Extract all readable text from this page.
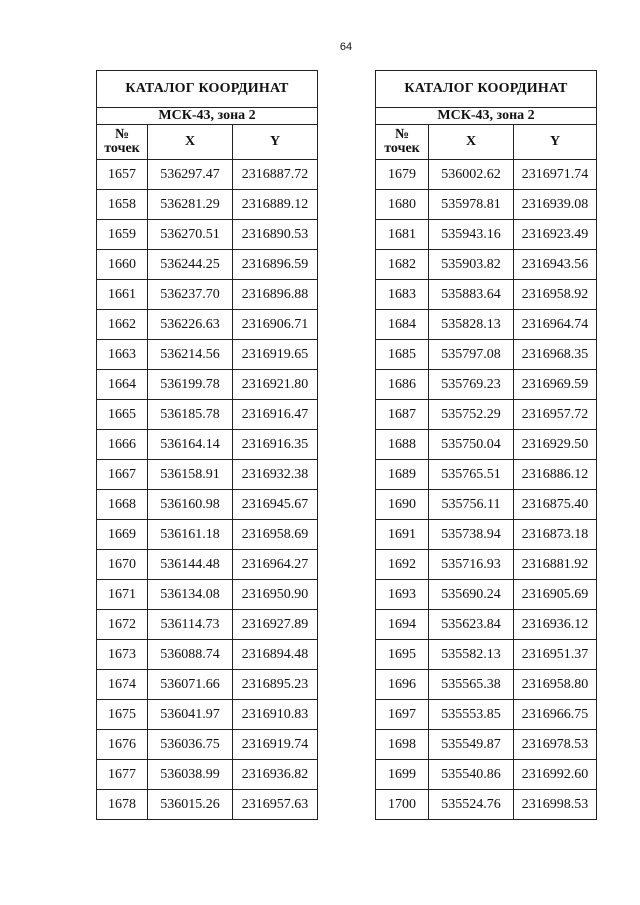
64
КАТАЛОГ КООРДИНАТ		
МСК-43, зона 2		
№
точек	X	Y
1657	536297.47	2316887.72
1658	536281.29	2316889.12
1659	536270.51	2316890.53
1660	536244.25	2316896.59
1661	536237.70	2316896.88
1662	536226.63	2316906.71
1663	536214.56	2316919.65
1664	536199.78	2316921.80
1665	536185.78	2316916.47
1666	536164.14	2316916.35
1667	536158.91	2316932.38
1668	536160.98	2316945.67
1669	536161.18	2316958.69
1670	536144.48	2316964.27
1671	536134.08	2316950.90
1672	536114.73	2316927.89
1673	536088.74	2316894.48
1674	536071.66	2316895.23
1675	536041.97	2316910.83
1676	536036.75	2316919.74
1677	536038.99	2316936.82
1678	536015.26	2316957.63
КАТАЛОГ КООРДИНАТ		
МСК-43, зона 2		
№
точек	X	Y
1679	536002.62	2316971.74
1680	535978.81	2316939.08
1681	535943.16	2316923.49
1682	535903.82	2316943.56
1683	535883.64	2316958.92
1684	535828.13	2316964.74
1685	535797.08	2316968.35
1686	535769.23	2316969.59
1687	535752.29	2316957.72
1688	535750.04	2316929.50
1689	535765.51	2316886.12
1690	535756.11	2316875.40
1691	535738.94	2316873.18
1692	535716.93	2316881.92
1693	535690.24	2316905.69
1694	535623.84	2316936.12
1695	535582.13	2316951.37
1696	535565.38	2316958.80
1697	535553.85	2316966.75
1698	535549.87	2316978.53
1699	535540.86	2316992.60
1700	535524.76	2316998.53
